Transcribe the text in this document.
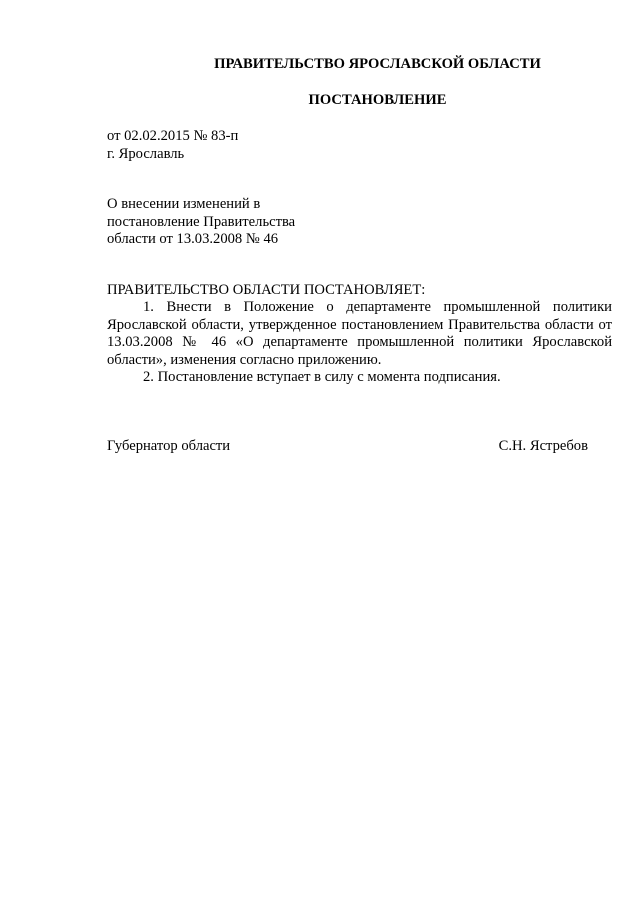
ПРАВИТЕЛЬСТВО ЯРОСЛАВСКОЙ ОБЛАСТИ
ПОСТАНОВЛЕНИЕ
от 02.02.2015 № 83-п
г. Ярославль
О внесении изменений в
постановление Правительства
области от 13.03.2008 № 46
ПРАВИТЕЛЬСТВО ОБЛАСТИ ПОСТАНОВЛЯЕТ:

1. Внести в Положение о департаменте промышленной политики Ярославской области, утвержденное постановлением Правительства области от 13.03.2008 № 46 «О департаменте промышленной политики Ярославской области», изменения согласно приложению.

2. Постановление вступает в силу с момента подписания.

Губернатор области	С.Н. Ястребов
